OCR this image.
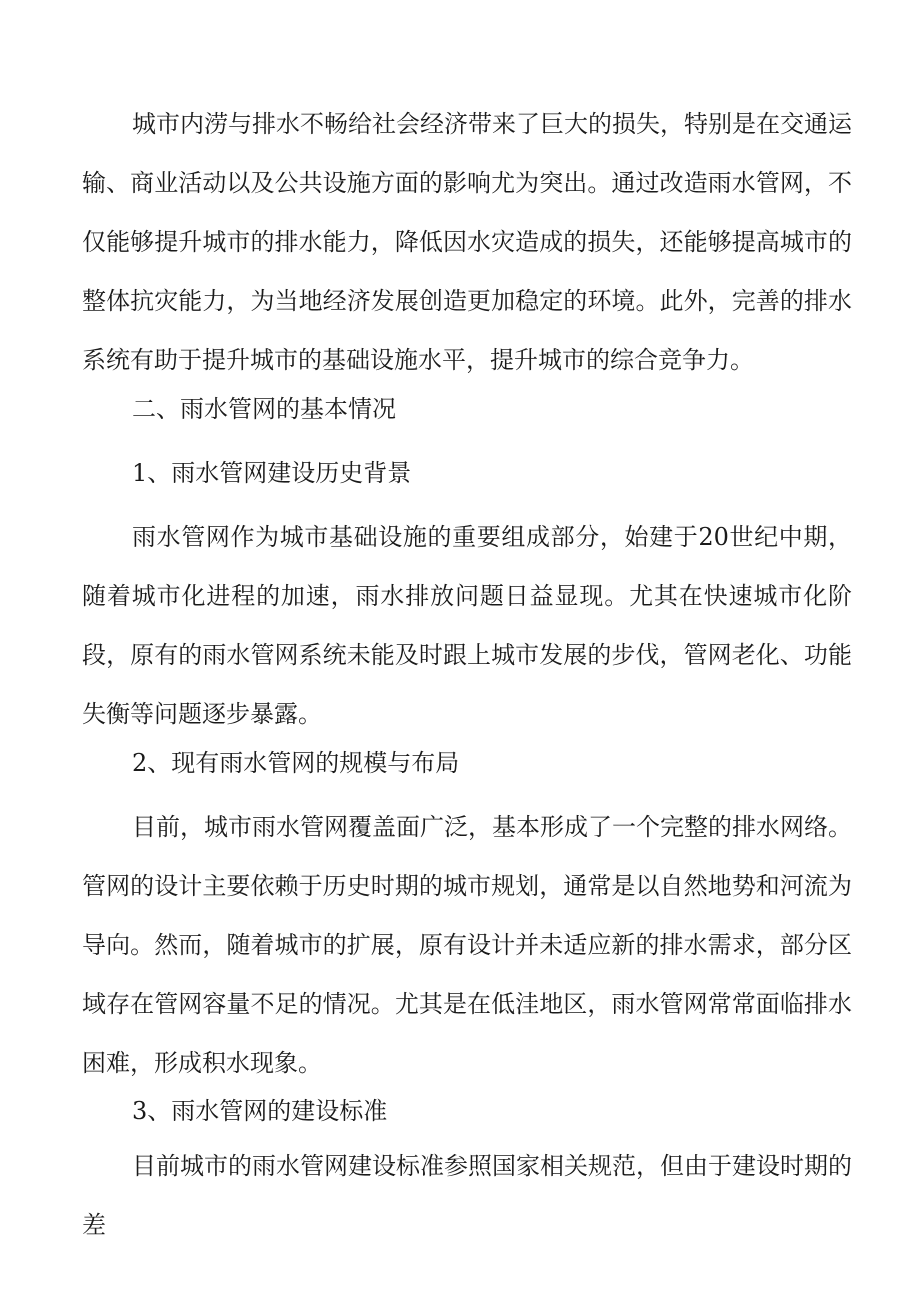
城市内涝与排水不畅给社会经济带来了巨大的损失，特别是在交通运输、商业活动以及公共设施方面的影响尤为突出。通过改造雨水管网，不仅能够提升城市的排水能力，降低因水灾造成的损失，还能够提高城市的整体抗灾能力，为当地经济发展创造更加稳定的环境。此外，完善的排水系统有助于提升城市的基础设施水平，提升城市的综合竞争力。

二、雨水管网的基本情况

1、雨水管网建设历史背景

雨水管网作为城市基础设施的重要组成部分，始建于20世纪中期，随着城市化进程的加速，雨水排放问题日益显现。尤其在快速城市化阶段，原有的雨水管网系统未能及时跟上城市发展的步伐，管网老化、功能失衡等问题逐步暴露。

2、现有雨水管网的规模与布局

目前，城市雨水管网覆盖面广泛，基本形成了一个完整的排水网络。管网的设计主要依赖于历史时期的城市规划，通常是以自然地势和河流为导向。然而，随着城市的扩展，原有设计并未适应新的排水需求，部分区域存在管网容量不足的情况。尤其是在低洼地区，雨水管网常常面临排水困难，形成积水现象。

3、雨水管网的建设标准

目前城市的雨水管网建设标准参照国家相关规范，但由于建设时期的差
